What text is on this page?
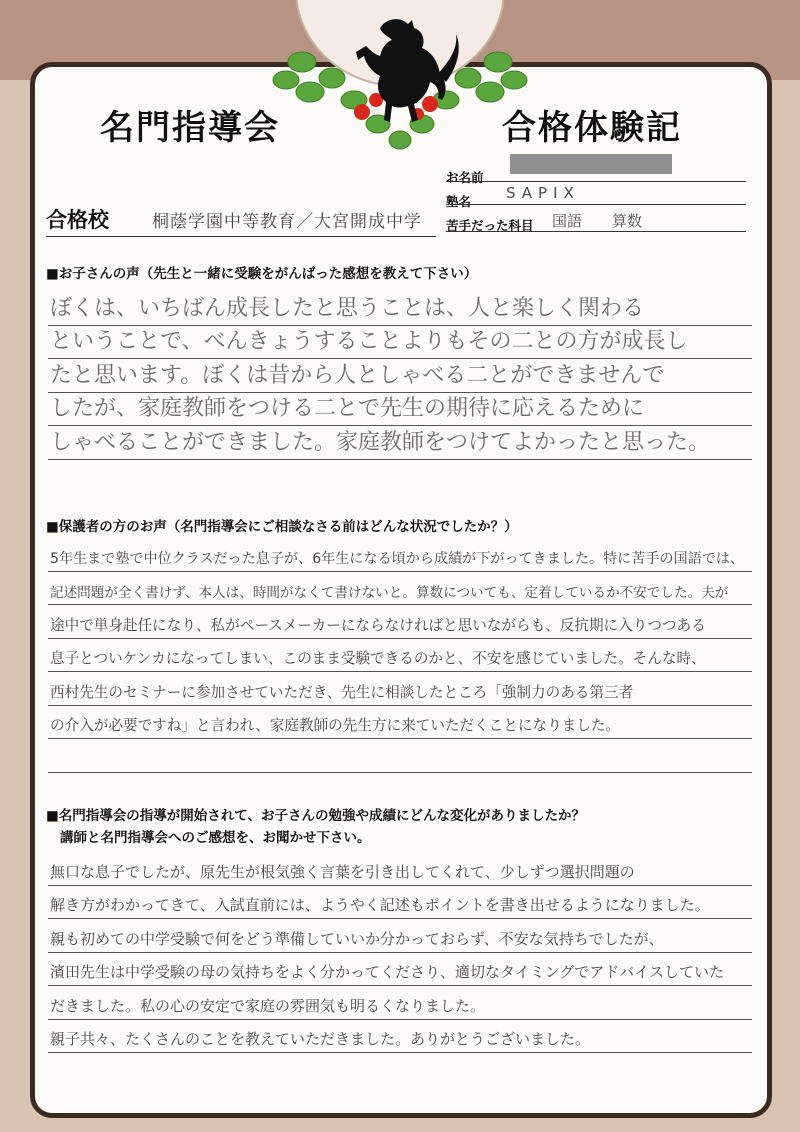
名門指導会	合格体験記
お名前
塾名 SAPIX
苦手だった科目 国語　　算数
合格校	桐蔭学園中等教育／大宮開成中学
■お子さんの声（先生と一緒に受験をがんばった感想を教えて下さい）
ぼくは、いちばん成長したと思うことは、人と楽しく関わる
ということで、べんきょうすることよりもその二との方が成長し
たと思います。ぼくは昔から人としゃべる二とができませんで
したが、家庭教師をつける二とで先生の期待に応えるために
しゃべることができました。家庭教師をつけてよかったと思った。
■保護者の方のお声（名門指導会にご相談なさる前はどんな状況でしたか？）
5年生まで塾で中位クラスだった息子が、6年生になる頃から成績が下がってきました。特に苦手の国語では、
記述問題が全く書けず、本人は、時間がなくて書けないと。算数についても、定着しているか不安でした。夫が
途中で単身赴任になり、私がペースメーカーにならなければと思いながらも、反抗期に入りつつある
息子とついケンカになってしまい、このまま受験できるのかと、不安を感じていました。そんな時、
西村先生のセミナーに参加させていただき、先生に相談したところ「強制力のある第三者
の介入が必要ですね」と言われ、家庭教師の先生方に来ていただくことになりました。
■名門指導会の指導が開始されて、お子さんの勉強や成績にどんな変化がありましたか？
講師と名門指導会へのご感想を、お聞かせ下さい。
無口な息子でしたが、原先生が根気強く言葉を引き出してくれて、少しずつ選択問題の
解き方がわかってきて、入試直前には、ようやく記述もポイントを書き出せるようになりました。
親も初めての中学受験で何をどう準備していいか分かっておらず、不安な気持ちでしたが、
濱田先生は中学受験の母の気持ちをよく分かってくださり、適切なタイミングでアドバイスしていた
だきました。私の心の安定で家庭の雰囲気も明るくなりました。
親子共々、たくさんのことを教えていただきました。ありがとうございました。
